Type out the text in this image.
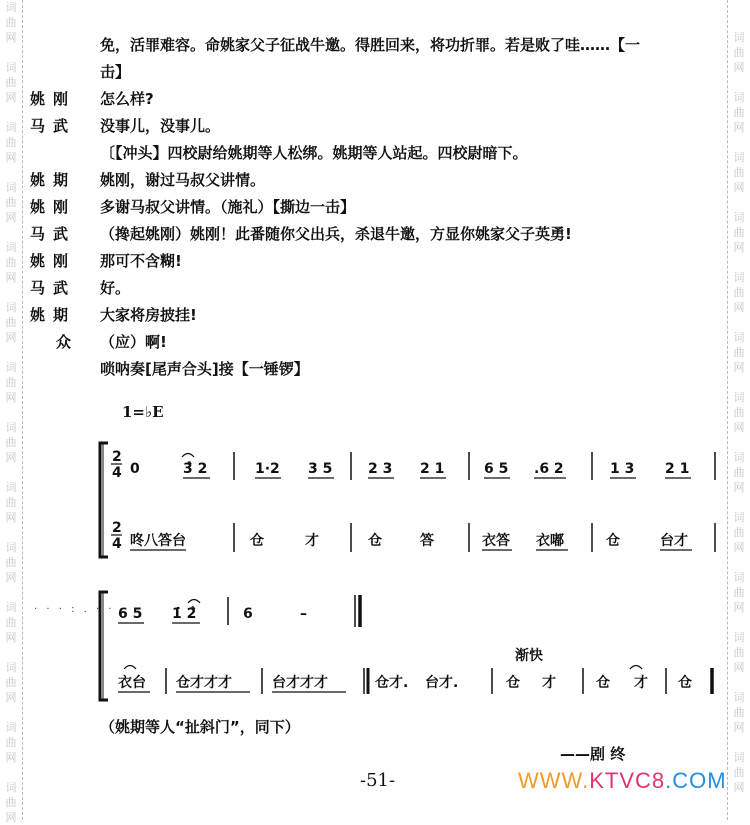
词曲网
词曲网
词曲网
词曲网
词曲网
词曲网
词曲网
词曲网
词曲网
词曲网
词曲网
词曲网
词曲网
词曲网
词曲网
词曲网
词曲网
词曲网
词曲网
词曲网
词曲网
词曲网
词曲网
词曲网
词曲网
词曲网
词曲网
免，活罪难容。命姚家父子征战牛邀。得胜回来，将功折罪。若是败了哇……【一
击】
姚刚	怎么样?
马武	没事儿，没事儿。
〔【冲头】四校尉给姚期等人松绑。姚期等人站起。四校尉暗下。
姚期	姚刚，谢过马叔父讲情。
姚刚	多谢马叔父讲情。（施礼）【撕边一击】
马武	（搀起姚刚）姚刚！此番随你父出兵，杀退牛邀，方显你姚家父子英勇!
姚刚	那可不含糊!
马武	好。
姚期	大家将房披挂!
众	（应）啊!
唢呐奏[尾声合头]接【一锤锣】
1=♭E
2
4
2
4
0	3̂ 2	1·2 3 5	2 3 2 1	6 5 .6 2	1 3 2 1
咚八答台	仓	才	仓	答	衣答 衣嘟	仓	台才
6 5 1̇ 2̂	6	–
渐快
衣台 仓才才才	台才才才	仓才. 台才.	仓 才	仓 才 仓
· · · : . · ·
（姚期等人“扯斜门”，同下）
——剧 终
-51-	WWW.KTVC8.COM
